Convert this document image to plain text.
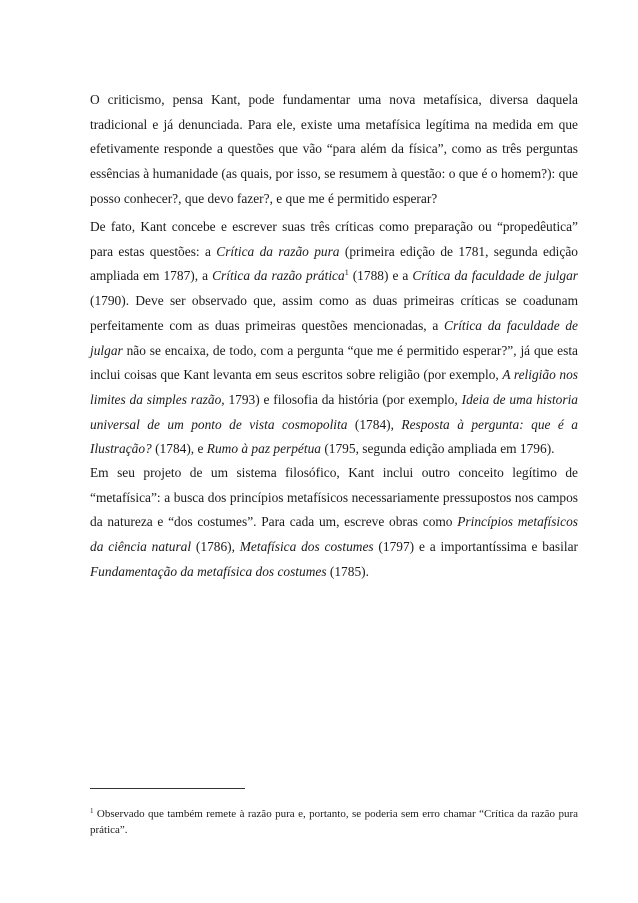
O criticismo, pensa Kant, pode fundamentar uma nova metafísica, diversa daquela tradicional e já denunciada. Para ele, existe uma metafísica legítima na medida em que efetivamente responde a questões que vão “para além da física”, como as três perguntas essências à humanidade (as quais, por isso, se resumem à questão: o que é o homem?): que posso conhecer?, que devo fazer?, e que me é permitido esperar?

De fato, Kant concebe e escrever suas três críticas como preparação ou “propedêutica” para estas questões: a Crítica da razão pura (primeira edição de 1781, segunda edição ampliada em 1787), a Crítica da razão prática$^1$ (1788) e a Crítica da faculdade de julgar (1790). Deve ser observado que, assim como as duas primeiras críticas se coadunam perfeitamente com as duas primeiras questões mencionadas, a Crítica da faculdade de julgar não se encaixa, de todo, com a pergunta “que me é permitido esperar?”, já que esta inclui coisas que Kant levanta em seus escritos sobre religião (por exemplo, A religião nos limites da simples razão, 1793) e filosofia da história (por exemplo, Ideia de uma historia universal de um ponto de vista cosmopolita (1784), Resposta à pergunta: que é a Ilustração? (1784), e Rumo à paz perpétua (1795, segunda edição ampliada em 1796).

Em seu projeto de um sistema filosófico, Kant inclui outro conceito legítimo de “metafísica”: a busca dos princípios metafísicos necessariamente pressupostos nos campos da natureza e “dos costumes”. Para cada um, escreve obras como Princípios metafísicos da ciência natural (1786), Metafísica dos costumes (1797) e a importantíssima e basilar Fundamentação da metafísica dos costumes (1785).

$^1$ Observado que também remete à razão pura e, portanto, se poderia sem erro chamar “Crítica da razão pura prática”.
